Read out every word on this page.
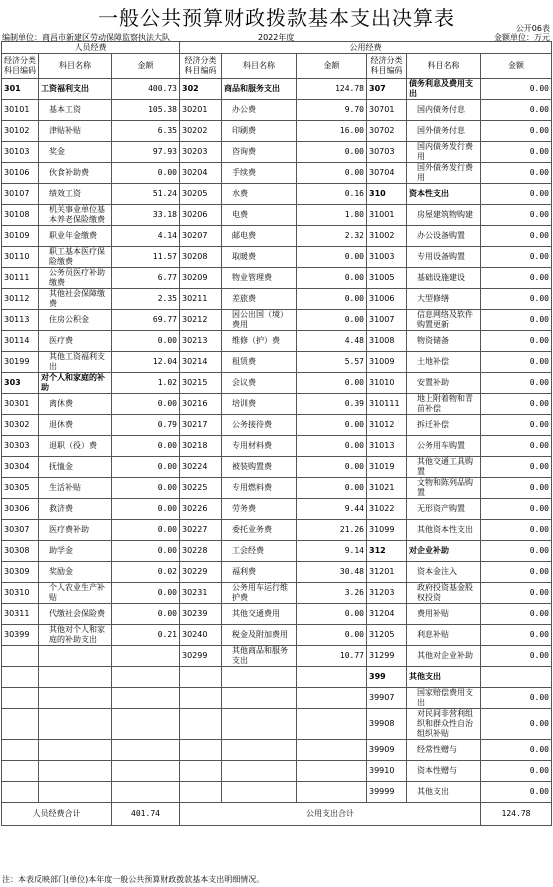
一般公共预算财政拨款基本支出决算表	公开06表
编制单位：商昌市新建区劳动保障监察执法大队	2022年度	金额单位：万元
人员经费			公用经费					
经济分类科目编码	科目名称	金额	经济分类科目编码	科目名称	金额	经济分类科目编码	科目名称	金额
301	工资福利支出	400.73	302	商品和服务支出	124.78	307	债务利息及费用支出	0.00
30101	基本工资	105.38	30201	办公费	9.70	30701	国内债务付息	0.00
30102	津贴补贴	6.35	30202	印刷费	16.00	30702	国外债务付息	0.00
30103	奖金	97.93	30203	咨询费	0.00	30703	国内债务发行费用	0.00
30106	伙食补助费	0.00	30204	手续费	0.00	30704	国外债务发行费用	0.00
30107	绩效工资	51.24	30205	水费	0.16	310	资本性支出	0.00
30108	机关事业单位基本养老保险缴费	33.18	30206	电费	1.80	31001	房屋建筑物购建	0.00
30109	职业年金缴费	4.14	30207	邮电费	2.32	31002	办公设备购置	0.00
30110	职工基本医疗保险缴费	11.57	30208	取暖费	0.00	31003	专用设备购置	0.00
30111	公务员医疗补助缴费	6.77	30209	物业管理费	0.00	31005	基础设施建设	0.00
30112	其他社会保障缴费	2.35	30211	差旅费	0.00	31006	大型修缮	0.00
30113	住房公积金	69.77	30212	因公出国（境）费用	0.00	31007	信息网络及软件购置更新	0.00
30114	医疗费	0.00	30213	维修（护）费	4.48	31008	物资储备	0.00
30199	其他工资福利支出	12.04	30214	租赁费	5.57	31009	土地补偿	0.00
303	对个人和家庭的补助	1.02	30215	会议费	0.00	31010	安置补助	0.00
30301	离休费	0.00	30216	培训费	0.39	310111	地上附着物和青苗补偿	0.00
30302	退休费	0.79	30217	公务接待费	0.00	31012	拆迁补偿	0.00
30303	退职（役）费	0.00	30218	专用材料费	0.00	31013	公务用车购置	0.00
30304	抚恤金	0.00	30224	被装购置费	0.00	31019	其他交通工具购置	0.00
30305	生活补贴	0.00	30225	专用燃料费	0.00	31021	文物和陈列品购置	0.00
30306	救济费	0.00	30226	劳务费	9.44	31022	无形资产购置	0.00
30307	医疗费补助	0.00	30227	委托业务费	21.26	31099	其他资本性支出	0.00
30308	助学金	0.00	30228	工会经费	9.14	312	对企业补助	0.00
30309	奖励金	0.02	30229	福利费	30.48	31201	资本金注入	0.00
30310	个人农业生产补贴	0.00	30231	公务用车运行维护费	3.26	31203	政府投资基金股权投资	0.00
30311	代缴社会保险费	0.00	30239	其他交通费用	0.00	31204	费用补贴	0.00
30399	其他对个人和家庭的补助支出	0.21	30240	税金及附加费用	0.00	31205	利息补贴	0.00
			30299	其他商品和服务支出	10.77	31299	其他对企业补助	0.00
						399	其他支出	
						39907	国家赔偿费用支出	0.00
						39908	对民间非营利组织和群众性自治组织补贴	0.00
						39909	经常性赠与	0.00
						39910	资本性赠与	0.00
						39999	其他支出	0.00
人员经费合计		401.74	公用支出合计					124.78
注：本表反映部门(单位)本年度一般公共预算财政拨款基本支出明细情况。
